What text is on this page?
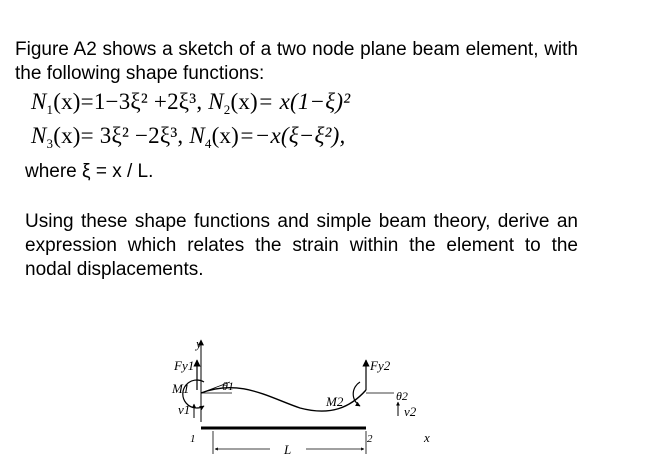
Figure A2 shows a sketch of a two node plane beam element, with the following shape functions:

$N_1(x)=1-3\xi^2 +2\xi^3$, $N_2(x)= x(1-\xi)^2$
$N_3(x)= 3\xi^2 -2\xi^3$, $N_4(x)=-x(\xi-\xi^2)$,
where ξ = x / L.

Using these shape functions and simple beam theory, derive an expression which relates the strain within the element to the nodal displacements.

y
Fy1
M1
v1
θ1
1
Fy2
M2	θ2
v2
2
L
x
